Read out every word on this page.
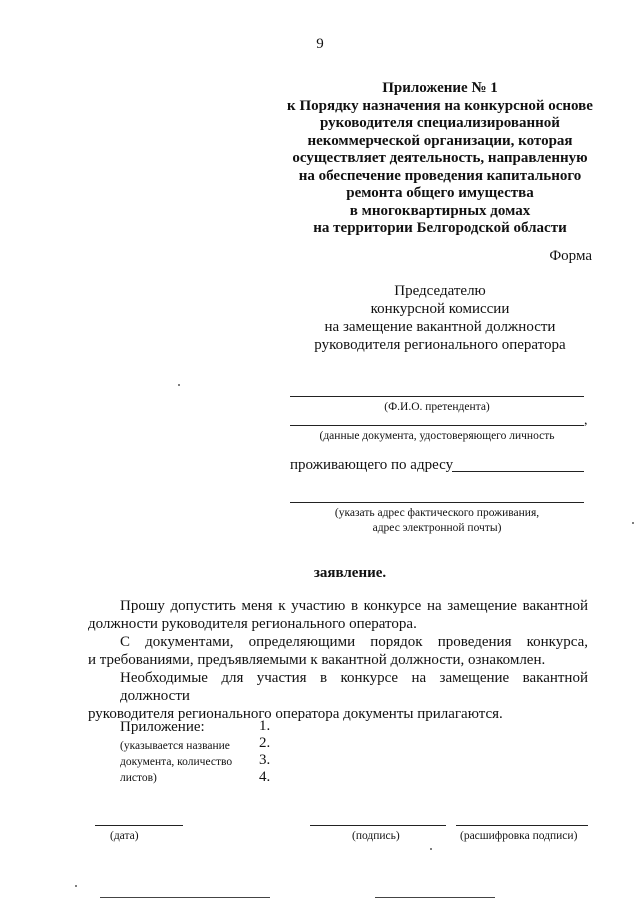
9
Приложение № 1
к Порядку назначения на конкурсной основе
руководителя специализированной
некоммерческой организации, которая
осуществляет деятельность, направленную
на обеспечение проведения капитального
ремонта общего имущества
в многоквартирных домах
на территории Белгородской области
Форма
Председателю
конкурсной комиссии
на замещение вакантной должности
руководителя регионального оператора
(Ф.И.О. претендента)
,
(данные документа, удостоверяющего личность
проживающего по адресу
(указать адрес фактического проживания,
адрес электронной почты)
заявление.
Прошу допустить меня к участию в конкурсе на замещение вакантной
должности руководителя регионального оператора.
С документами, определяющими порядок проведения конкурса,
и требованиями, предъявляемыми к вакантной должности, ознакомлен.
Необходимые для участия в конкурсе на замещение вакантной должности
руководителя регионального оператора документы прилагаются.
Приложение:
(указывается название
документа, количество
листов)
1.
2.
3.
4.
(дата)	(подпись)	(расшифровка подписи)
